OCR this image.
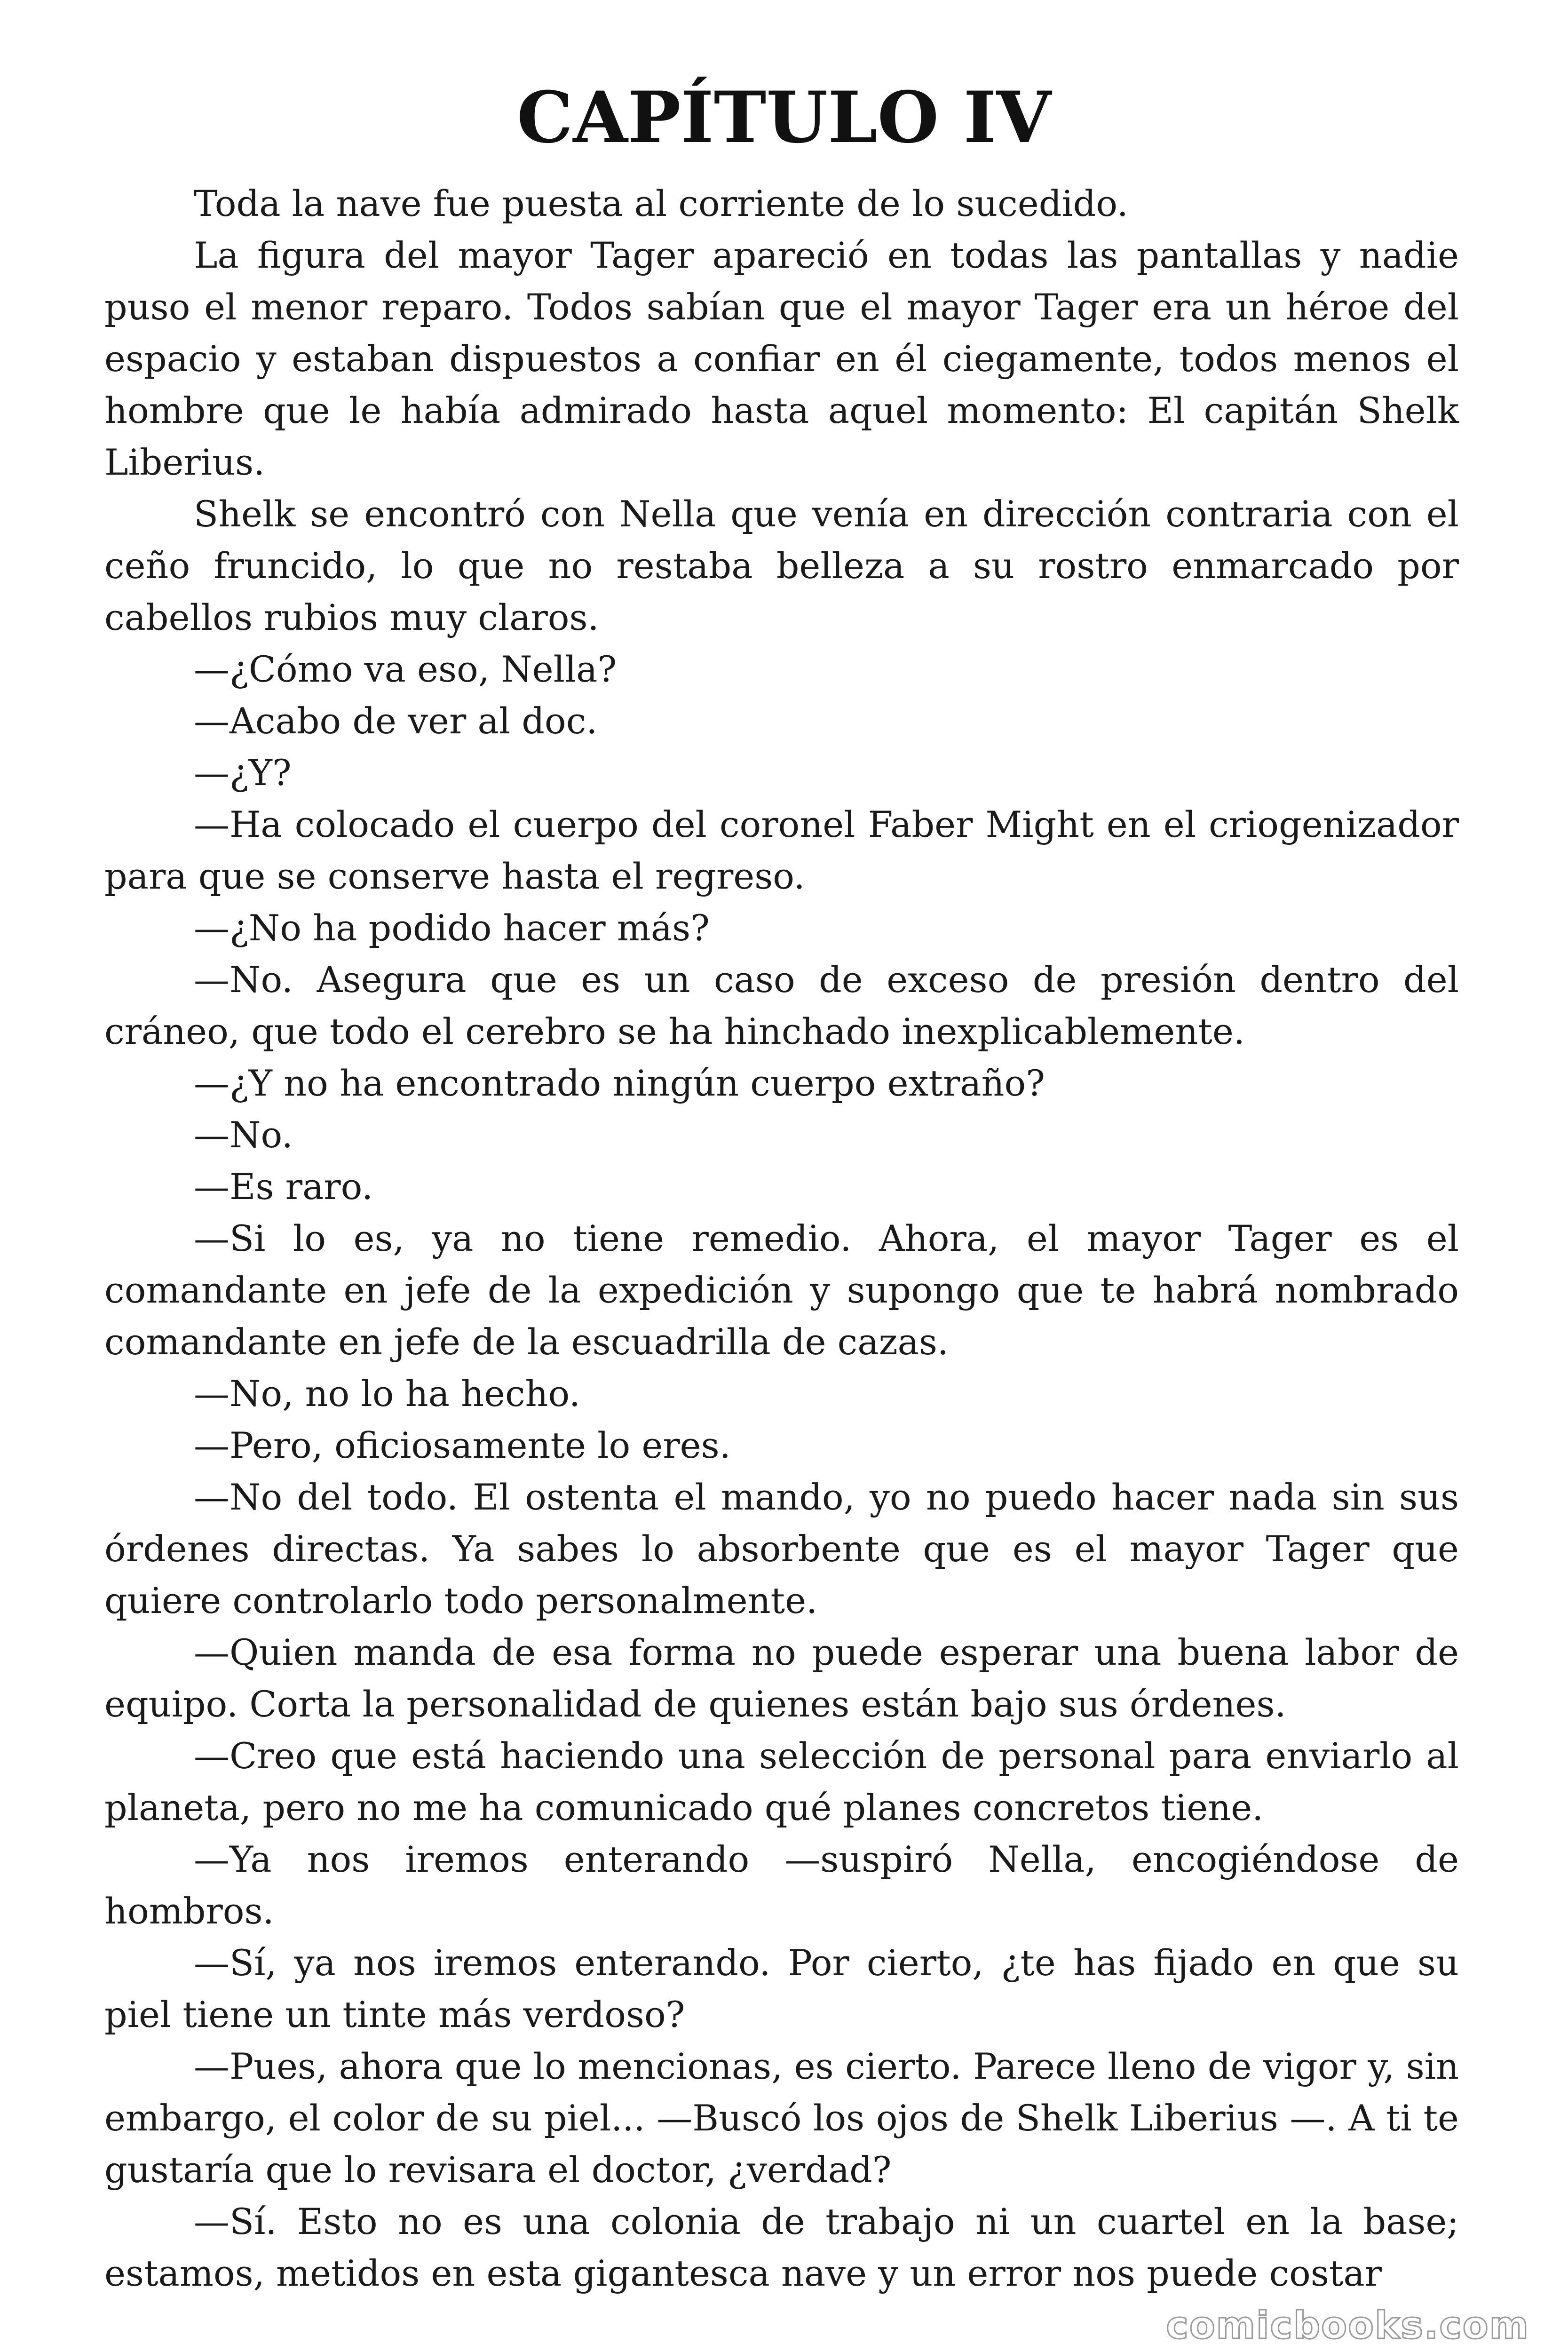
CAPÍTULO IV

Toda la nave fue puesta al corriente de lo sucedido.

La figura del mayor Tager apareció en todas las pantallas y nadie puso el menor reparo. Todos sabían que el mayor Tager era un héroe del espacio y estaban dispuestos a confiar en él ciegamente, todos menos el hombre que le había admirado hasta aquel momento: El capitán Shelk Liberius.

Shelk se encontró con Nella que venía en dirección contraria con el ceño fruncido, lo que no restaba belleza a su rostro enmarcado por cabellos rubios muy claros.

—¿Cómo va eso, Nella?

—Acabo de ver al doc.

—¿Y?

—Ha colocado el cuerpo del coronel Faber Might en el criogenizador para que se conserve hasta el regreso.

—¿No ha podido hacer más?

—No. Asegura que es un caso de exceso de presión dentro del cráneo, que todo el cerebro se ha hinchado inexplicablemente.

—¿Y no ha encontrado ningún cuerpo extraño?

—No.

—Es raro.

—Si lo es, ya no tiene remedio. Ahora, el mayor Tager es el comandante en jefe de la expedición y supongo que te habrá nombrado comandante en jefe de la escuadrilla de cazas.

—No, no lo ha hecho.

—Pero, oficiosamente lo eres.

—No del todo. El ostenta el mando, yo no puedo hacer nada sin sus órdenes directas. Ya sabes lo absorbente que es el mayor Tager que quiere controlarlo todo personalmente.

—Quien manda de esa forma no puede esperar una buena labor de equipo. Corta la personalidad de quienes están bajo sus órdenes.

—Creo que está haciendo una selección de personal para enviarlo al planeta, pero no me ha comunicado qué planes concretos tiene.

—Ya nos iremos enterando —suspiró Nella, encogiéndose de hombros.

—Sí, ya nos iremos enterando. Por cierto, ¿te has fijado en que su piel tiene un tinte más verdoso?

—Pues, ahora que lo mencionas, es cierto. Parece lleno de vigor y, sin embargo, el color de su piel... —Buscó los ojos de Shelk Liberius —. A ti te gustaría que lo revisara el doctor, ¿verdad?

—Sí. Esto no es una colonia de trabajo ni un cuartel en la base; estamos, metidos en esta gigantesca nave y un error nos puede costar

comicbooks.com
